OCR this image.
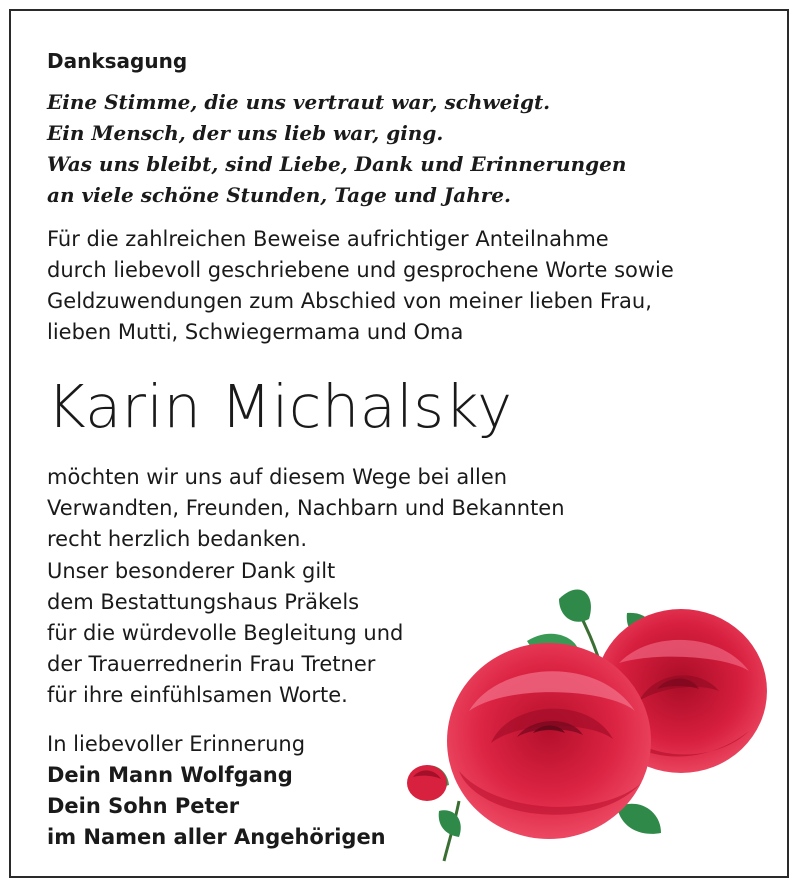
Danksagung
Eine Stimme, die uns vertraut war, schweigt.
Ein Mensch, der uns lieb war, ging.
Was uns bleibt, sind Liebe, Dank und Erinnerungen
an viele schöne Stunden, Tage und Jahre.
Für die zahlreichen Beweise aufrichtiger Anteilnahme
durch liebevoll geschriebene und gesprochene Worte sowie
Geldzuwendungen zum Abschied von meiner lieben Frau,
lieben Mutti, Schwiegermama und Oma
Karin Michalsky
möchten wir uns auf diesem Wege bei allen
Verwandten, Freunden, Nachbarn und Bekannten
recht herzlich bedanken.
Unser besonderer Dank gilt
dem Bestattungshaus Präkels
für die würdevolle Begleitung und
der Trauerrednerin Frau Tretner
für ihre einfühlsamen Worte.
In liebevoller Erinnerung
Dein Mann Wolfgang
Dein Sohn Peter
im Namen aller Angehörigen
